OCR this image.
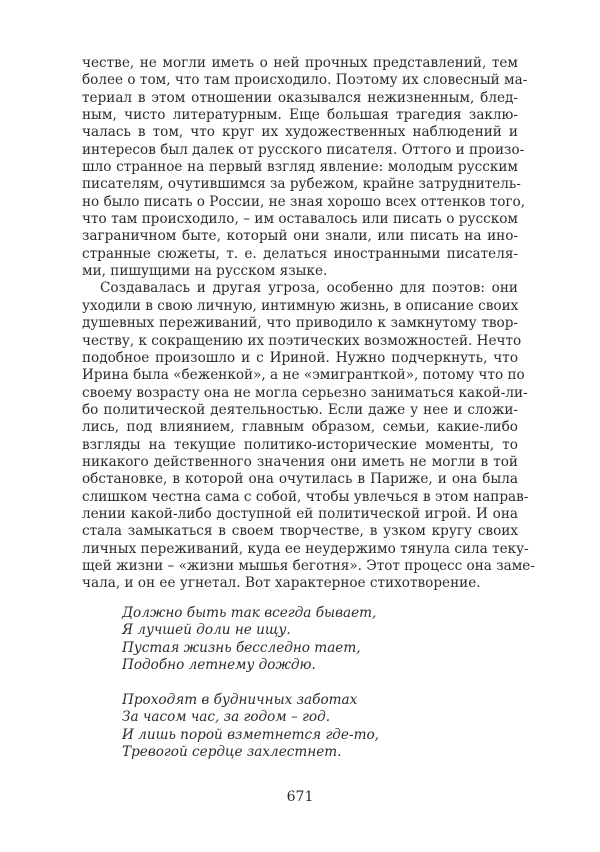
честве, не могли иметь о ней прочных представлений, тем
более о том, что там происходило. Поэтому их словесный ма-
териал в этом отношении оказывался нежизненным, блед-
ным, чисто литературным. Еще большая трагедия заклю-
чалась в том, что круг их художественных наблюдений и
интересов был далек от русского писателя. Оттого и произо-
шло странное на первый взгляд явление: молодым русским
писателям, очутившимся за рубежом, крайне затруднитель-
но было писать о России, не зная хорошо всех оттенков того,
что там происходило, – им оставалось или писать о русском
заграничном быте, который они знали, или писать на ино-
странные сюжеты, т. е. делаться иностранными писателя-
ми, пишущими на русском языке.
Создавалась и другая угроза, особенно для поэтов: они
уходили в свою личную, интимную жизнь, в описание своих
душевных переживаний, что приводило к замкнутому твор-
честву, к сокращению их поэтических возможностей. Нечто
подобное произошло и с Ириной. Нужно подчеркнуть, что
Ирина была «беженкой», а не «эмигранткой», потому что по
своему возрасту она не могла серьезно заниматься какой-ли-
бо политической деятельностью. Если даже у нее и сложи-
лись, под влиянием, главным образом, семьи, какие-либо
взгляды на текущие политико-исторические моменты, то
никакого действенного значения они иметь не могли в той
обстановке, в которой она очутилась в Париже, и она была
слишком честна сама с собой, чтобы увлечься в этом направ-
лении какой-либо доступной ей политической игрой. И она
стала замыкаться в своем творчестве, в узком кругу своих
личных переживаний, куда ее неудержимо тянула сила теку-
щей жизни – «жизни мышья беготня». Этот процесс она заме-
чала, и он ее угнетал. Вот характерное стихотворение.
Должно быть так всегда бывает,
Я лучшей доли не ищу.
Пустая жизнь бесследно тает,
Подобно летнему дождю.
Проходят в будничных заботах
За часом час, за годом – год.
И лишь порой взметнется где-то,
Тревогой сердце захлестнет.
671
